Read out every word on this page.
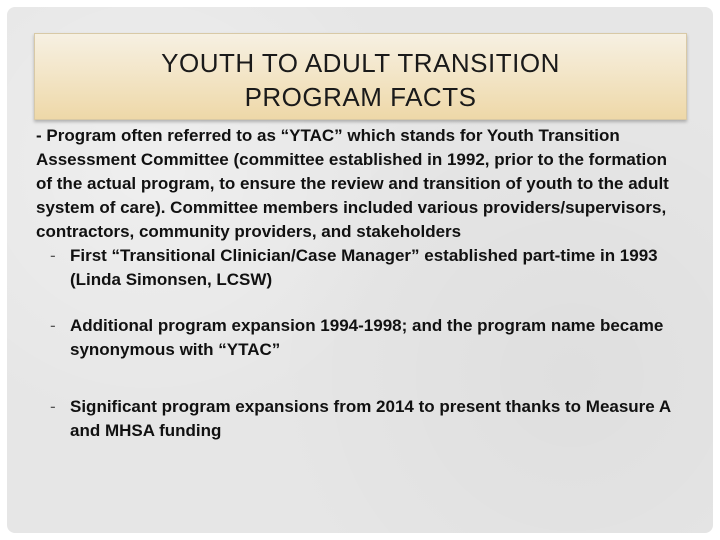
YOUTH TO ADULT TRANSITION
PROGRAM FACTS

- Program often referred to as “YTAC” which stands for Youth Transition Assessment Committee (committee established in 1992, prior to the formation of the actual program, to ensure the review and transition of youth to the adult system of care). Committee members included various providers/supervisors, contractors, community providers, and stakeholders

- First “Transitional Clinician/Case Manager” established part-time in 1993 (Linda Simonsen, LCSW)
- Additional program expansion 1994-1998; and the program name became synonymous with “YTAC”
- Significant program expansions from 2014 to present thanks to Measure A and MHSA funding
